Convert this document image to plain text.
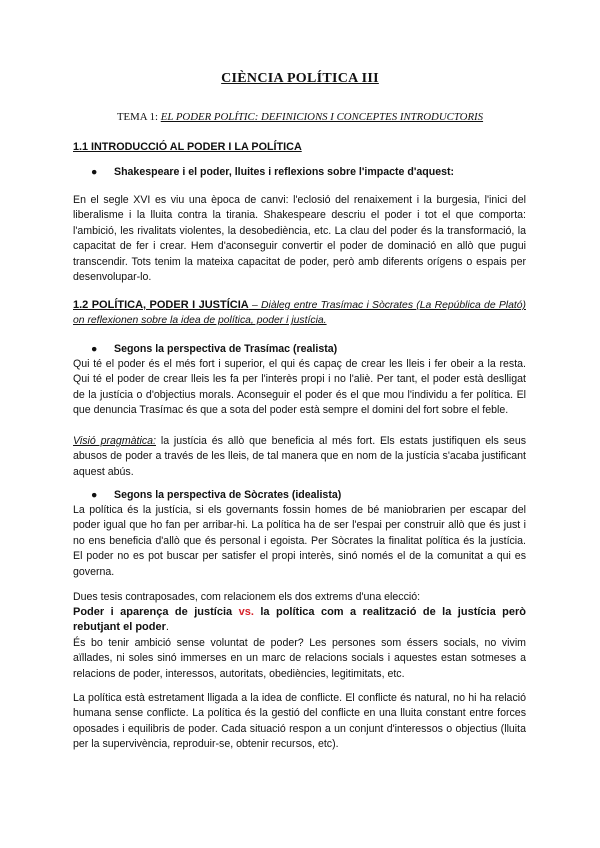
CIÈNCIA POLÍTICA III
TEMA 1: EL PODER POLÍTIC: DEFINICIONS I CONCEPTES INTRODUCTORIS
1.1 INTRODUCCIÓ AL PODER I LA POLÍTICA
● Shakespeare i el poder, lluites i reflexions sobre l'impacte d'aquest:

En el segle XVI es viu una època de canvi: l'eclosió del renaixement i la burgesia, l'inici del liberalisme i la lluita contra la tirania. Shakespeare descriu el poder i tot el que comporta: l'ambició, les rivalitats violentes, la desobediència, etc. La clau del poder és la transformació, la capacitat de fer i crear. Hem d'aconseguir convertir el poder de dominació en allò que pugui transcendir. Tots tenim la mateixa capacitat de poder, però amb diferents orígens o espais per desenvolupar-lo.

1.2 POLÍTICA, PODER I JUSTÍCIA – Diàleg entre Trasímac i Sòcrates (La República de Plató) on reflexionen sobre la idea de política, poder i justícia.
● Segons la perspectiva de Trasímac (realista)

Qui té el poder és el més fort i superior, el qui és capaç de crear les lleis i fer obeir a la resta. Qui té el poder de crear lleis les fa per l'interès propi i no l'aliè. Per tant, el poder està deslligat de la justícia o d'objectius morals. Aconseguir el poder és el que mou l'individu a fer política. El que denuncia Trasímac és que a sota del poder està sempre el domini del fort sobre el feble.

Visió pragmàtica: la justícia és allò que beneficia al més fort. Els estats justifiquen els seus abusos de poder a través de les lleis, de tal manera que en nom de la justícia s'acaba justificant aquest abús.

● Segons la perspectiva de Sòcrates (idealista)

La política és la justícia, si els governants fossin homes de bé maniobrarien per escapar del poder igual que ho fan per arribar-hi. La política ha de ser l'espai per construir allò que és just i no ens beneficia d'allò que és personal i egoista. Per Sòcrates la finalitat política és la justícia. El poder no es pot buscar per satisfer el propi interès, sinó només el de la comunitat a qui es governa.

Dues tesis contraposades, com relacionem els dos extrems d'una elecció:

Poder i aparença de justícia vs. la política com a realització de la justícia però rebutjant el poder.

És bo tenir ambició sense voluntat de poder? Les persones som éssers socials, no vivim aïllades, ni soles sinó immerses en un marc de relacions socials i aquestes estan sotmeses a relacions de poder, interessos, autoritats, obediències, legitimitats, etc.

La política està estretament lligada a la idea de conflicte. El conflicte és natural, no hi ha relació humana sense conflicte. La política és la gestió del conflicte en una lluita constant entre forces oposades i equilibris de poder. Cada situació respon a un conjunt d'interessos o objectius (lluita per la supervivència, reproduir-se, obtenir recursos, etc).
